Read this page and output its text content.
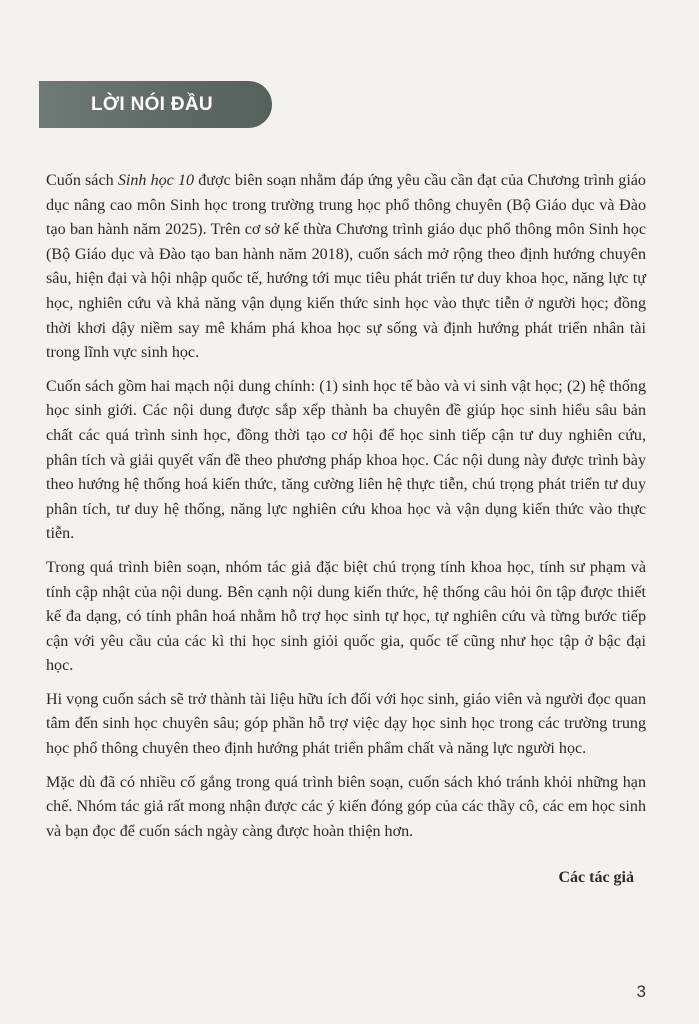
LỜI NÓI ĐẦU

Cuốn sách Sinh học 10 được biên soạn nhằm đáp ứng yêu cầu cần đạt của Chương trình giáo dục nâng cao môn Sinh học trong trường trung học phổ thông chuyên (Bộ Giáo dục và Đào tạo ban hành năm 2025). Trên cơ sở kế thừa Chương trình giáo dục phổ thông môn Sinh học (Bộ Giáo dục và Đào tạo ban hành năm 2018), cuốn sách mở rộng theo định hướng chuyên sâu, hiện đại và hội nhập quốc tế, hướng tới mục tiêu phát triển tư duy khoa học, năng lực tự học, nghiên cứu và khả năng vận dụng kiến thức sinh học vào thực tiễn ở người học; đồng thời khơi dậy niềm say mê khám phá khoa học sự sống và định hướng phát triển nhân tài trong lĩnh vực sinh học.

Cuốn sách gồm hai mạch nội dung chính: (1) sinh học tế bào và vi sinh vật học; (2) hệ thống học sinh giới. Các nội dung được sắp xếp thành ba chuyên đề giúp học sinh hiểu sâu bản chất các quá trình sinh học, đồng thời tạo cơ hội để học sinh tiếp cận tư duy nghiên cứu, phân tích và giải quyết vấn đề theo phương pháp khoa học. Các nội dung này được trình bày theo hướng hệ thống hoá kiến thức, tăng cường liên hệ thực tiễn, chú trọng phát triển tư duy phân tích, tư duy hệ thống, năng lực nghiên cứu khoa học và vận dụng kiến thức vào thực tiễn.

Trong quá trình biên soạn, nhóm tác giả đặc biệt chú trọng tính khoa học, tính sư phạm và tính cập nhật của nội dung. Bên cạnh nội dung kiến thức, hệ thống câu hỏi ôn tập được thiết kế đa dạng, có tính phân hoá nhằm hỗ trợ học sinh tự học, tự nghiên cứu và từng bước tiếp cận với yêu cầu của các kì thi học sinh giỏi quốc gia, quốc tế cũng như học tập ở bậc đại học.

Hi vọng cuốn sách sẽ trở thành tài liệu hữu ích đối với học sinh, giáo viên và người đọc quan tâm đến sinh học chuyên sâu; góp phần hỗ trợ việc dạy học sinh học trong các trường trung học phổ thông chuyên theo định hướng phát triển phẩm chất và năng lực người học.

Mặc dù đã có nhiều cố gắng trong quá trình biên soạn, cuốn sách khó tránh khỏi những hạn chế. Nhóm tác giả rất mong nhận được các ý kiến đóng góp của các thầy cô, các em học sinh và bạn đọc để cuốn sách ngày càng được hoàn thiện hơn.

Các tác giả
3
